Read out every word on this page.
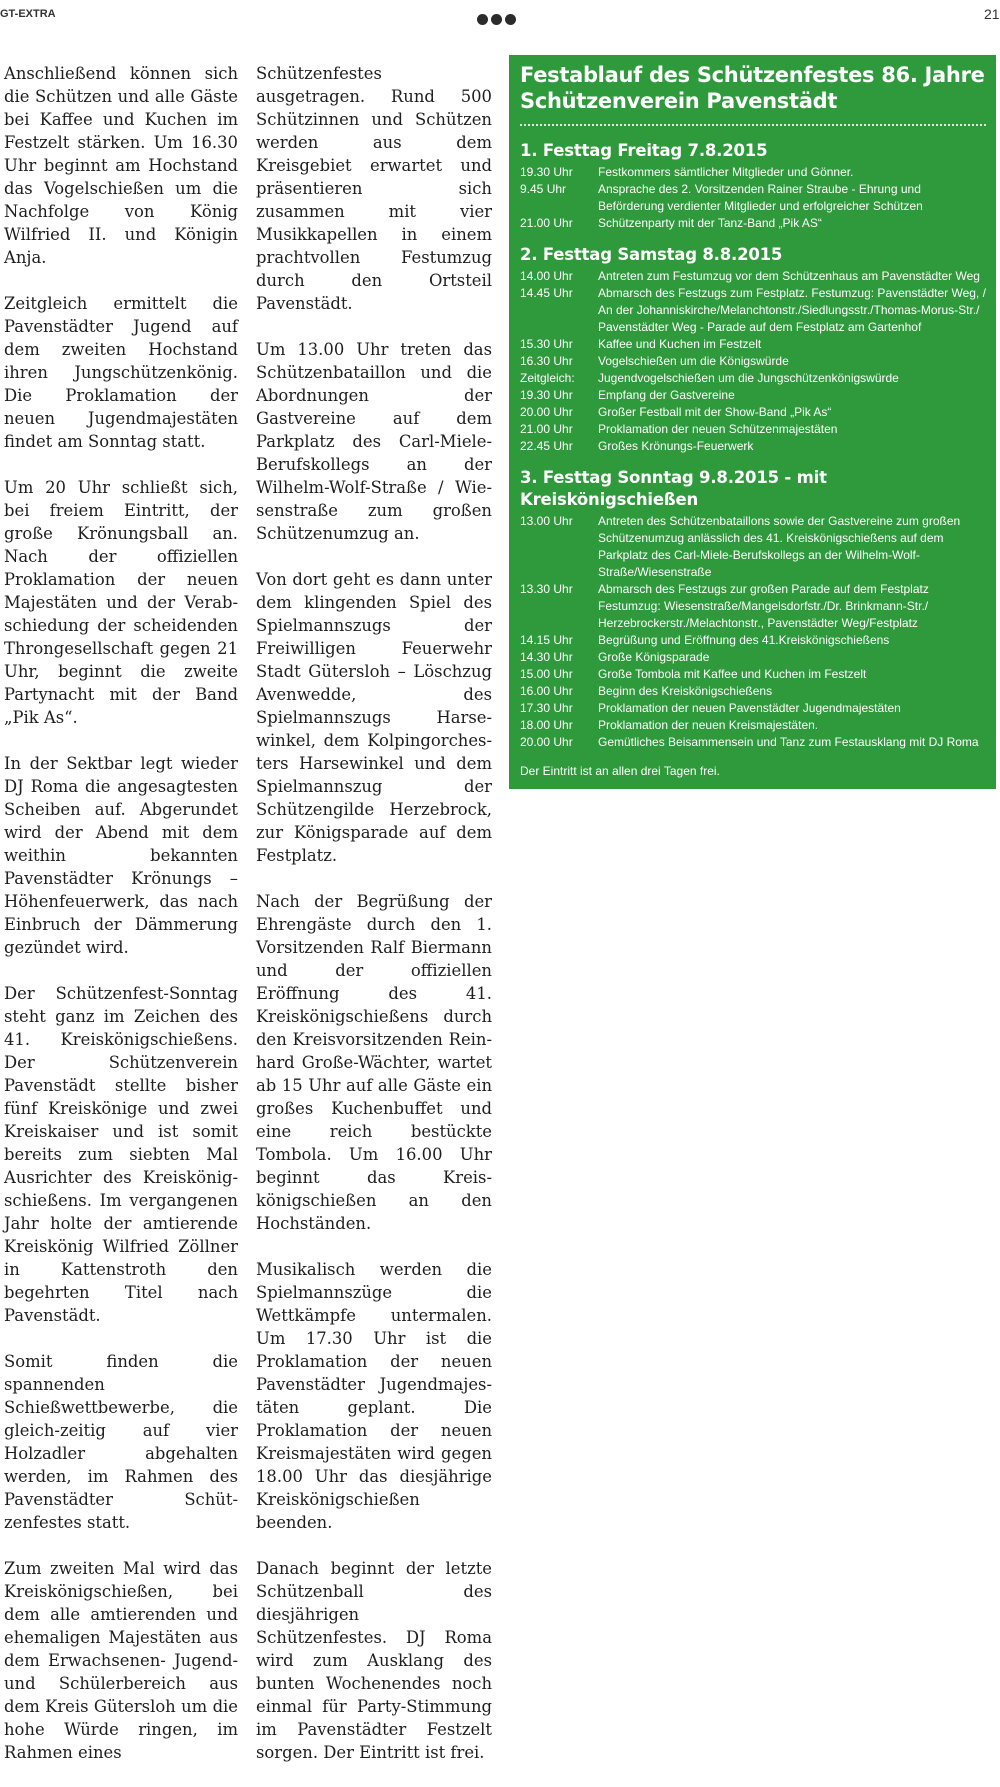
GT-EXTRA	21

Anschließend können sich die Schützen und alle Gäste bei Kaffee und Kuchen im Festzelt stärken. Um 16.30 Uhr beginnt am Hochstand das Vogelschießen um die Nachfolge von König Wilfried II. und Königin Anja.

Zeitgleich ermittelt die Pavenstädter Jugend auf dem zweiten Hochstand ihren Jungschützenkönig. Die Proklamation der neuen Jugendmajestäten findet am Sonntag statt.

Um 20 Uhr schließt sich, bei freiem Eintritt, der große Krönungsball an. Nach der offiziellen Proklamation der neuen Majestäten und der Verabschiedung der scheidenden Throngesellschaft gegen 21 Uhr, beginnt die zweite Partynacht mit der Band „Pik As“.

In der Sektbar legt wieder DJ Roma die angesagtesten Scheiben auf. Abgerundet wird der Abend mit dem weithin bekannten Pavenstädter Krönungs – Höhenfeuerwerk, das nach Einbruch der Dämmerung gezündet wird.

Der Schützenfest-Sonntag steht ganz im Zeichen des 41. Kreiskönigschießens. Der Schützenverein Pavenstädt stellte bisher fünf Kreiskönige und zwei Kreiskaiser und ist somit bereits zum siebten Mal Ausrichter des Kreiskönigschießens. Im vergangenen Jahr holte der amtierende Kreiskönig Wilfried Zöllner in Kattenstroth den begehrten Titel nach Pavenstädt.

Somit finden die spannenden Schießwettbewerbe, die gleich-zeitig auf vier Holzadler abgehalten werden, im Rahmen des Pavenstädter Schützenfestes statt.

Zum zweiten Mal wird das Kreiskönigschießen, bei dem alle amtierenden und ehemaligen Majestäten aus dem Erwachsenen- Jugend- und Schülerbereich aus dem Kreis Gütersloh um die hohe Würde ringen, im Rahmen eines

Schützenfestes ausgetragen. Rund 500 Schützinnen und Schützen werden aus dem Kreisgebiet erwartet und präsentieren sich zusammen mit vier Musikkapellen in einem prachtvollen Festumzug durch den Ortsteil Pavenstädt.

Um 13.00 Uhr treten das Schützenbataillon und die Abordnungen der Gastvereine auf dem Parkplatz des Carl-Miele-Berufskollegs an der Wilhelm-Wolf-Straße / Wiesenstraße zum großen Schützenumzug an.

Von dort geht es dann unter dem klingenden Spiel des Spielmannszugs der Freiwilligen Feuerwehr Stadt Gütersloh – Löschzug Avenwedde, des Spielmannszugs Harsewinkel, dem Kolpingorchesters Harsewinkel und dem Spielmannszug der Schützengilde Herzebrock, zur Königsparade auf dem Festplatz.

Nach der Begrüßung der Ehrengäste durch den 1. Vorsitzenden Ralf Biermann und der offiziellen Eröffnung des 41. Kreiskönigschießens durch den Kreisvorsitzenden Reinhard Große-Wächter, wartet ab 15 Uhr auf alle Gäste ein großes Kuchenbuffet und eine reich bestückte Tombola. Um 16.00 Uhr beginnt das Kreiskönigschießen an den Hochständen.

Musikalisch werden die Spielmannszüge die Wettkämpfe untermalen. Um 17.30 Uhr ist die Proklamation der neuen Pavenstädter Jugendmajestäten geplant. Die Proklamation der neuen Kreismajestäten wird gegen 18.00 Uhr das diesjährige Kreiskönigschießen beenden.

Danach beginnt der letzte Schützenball des diesjährigen Schützenfestes. DJ Roma wird zum Ausklang des bunten Wochenendes noch einmal für Party-Stimmung im Pavenstädter Festzelt sorgen. Der Eintritt ist frei.

Festablauf des Schützenfestes 86. Jahre Schützenverein Pavenstädt
1. Festtag Freitag 7.8.2015
19.30 Uhr	Festkommers sämtlicher Mitglieder und Gönner.
9.45 Uhr	Ansprache des 2. Vorsitzenden Rainer Straube - Ehrung und Beförderung verdienter Mitglieder und erfolgreicher Schützen
21.00 Uhr	Schützenparty mit der Tanz-Band „Pik AS“
2. Festtag Samstag 8.8.2015
14.00 Uhr	Antreten zum Festumzug vor dem Schützenhaus am Pavenstädter Weg
14.45 Uhr	Abmarsch des Festzugs zum Festplatz. Festumzug: Pavenstädter Weg, / An der Johanniskirche/Melanchtonstr./Siedlungsstr./Thomas-Morus-Str./ Pavenstädter Weg - Parade auf dem Festplatz am Gartenhof
15.30 Uhr	Kaffee und Kuchen im Festzelt
16.30 Uhr	Vogelschießen um die Königswürde
Zeitgleich:	Jugendvogelschießen um die Jungschützenkönigswürde
19.30 Uhr	Empfang der Gastvereine
20.00 Uhr	Großer Festball mit der Show-Band „Pik As“
21.00 Uhr	Proklamation der neuen Schützenmajestäten
22.45 Uhr	Großes Krönungs-Feuerwerk
3. Festtag Sonntag 9.8.2015 - mit Kreiskönigschießen
13.00 Uhr	Antreten des Schützenbataillons sowie der Gastvereine zum großen Schützenumzug anlässlich des 41. Kreiskönigschießens auf dem Parkplatz des Carl-Miele-Berufskollegs an der Wilhelm-Wolf-Straße/Wiesenstraße
13.30 Uhr	Abmarsch des Festzugs zur großen Parade auf dem Festplatz Festumzug: Wiesenstraße/Mangelsdorfstr./Dr. Brinkmann-Str./ Herzebrockerstr./Melachtonstr., Pavenstädter Weg/Festplatz
14.15 Uhr	Begrüßung und Eröffnung des 41.Kreiskönigschießens
14.30 Uhr	Große Königsparade
15.00 Uhr	Große Tombola mit Kaffee und Kuchen im Festzelt
16.00 Uhr	Beginn des Kreiskönigschießens
17.30 Uhr	Proklamation der neuen Pavenstädter Jugendmajestäten
18.00 Uhr	Proklamation der neuen Kreismajestäten.
20.00 Uhr	Gemütliches Beisammensein und Tanz zum Festausklang mit DJ Roma
Der Eintritt ist an allen drei Tagen frei.
